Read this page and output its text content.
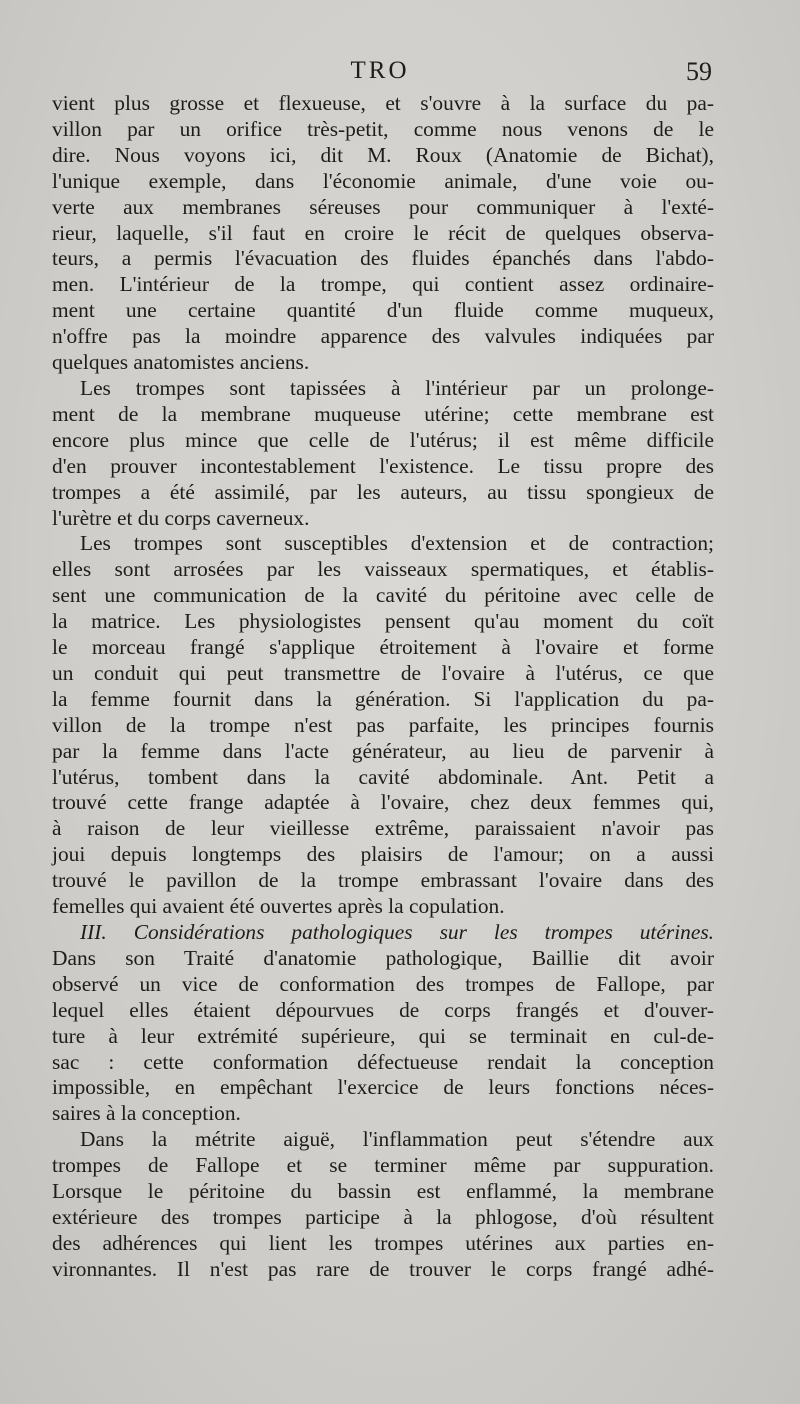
TRO	59
vient plus grosse et flexueuse, et s'ouvre à la surface du pa-
villon par un orifice très-petit, comme nous venons de le
dire. Nous voyons ici, dit M. Roux (Anatomie de Bichat),
l'unique exemple, dans l'économie animale, d'une voie ou-
verte aux membranes séreuses pour communiquer à l'exté-
rieur, laquelle, s'il faut en croire le récit de quelques observa-
teurs, a permis l'évacuation des fluides épanchés dans l'abdo-
men. L'intérieur de la trompe, qui contient assez ordinaire-
ment une certaine quantité d'un fluide comme muqueux,
n'offre pas la moindre apparence des valvules indiquées par
quelques anatomistes anciens.
Les trompes sont tapissées à l'intérieur par un prolonge-
ment de la membrane muqueuse utérine; cette membrane est
encore plus mince que celle de l'utérus; il est même difficile
d'en prouver incontestablement l'existence. Le tissu propre des
trompes a été assimilé, par les auteurs, au tissu spongieux de
l'urètre et du corps caverneux.
Les trompes sont susceptibles d'extension et de contraction;
elles sont arrosées par les vaisseaux spermatiques, et établis-
sent une communication de la cavité du péritoine avec celle de
la matrice. Les physiologistes pensent qu'au moment du coït
le morceau frangé s'applique étroitement à l'ovaire et forme
un conduit qui peut transmettre de l'ovaire à l'utérus, ce que
la femme fournit dans la génération. Si l'application du pa-
villon de la trompe n'est pas parfaite, les principes fournis
par la femme dans l'acte générateur, au lieu de parvenir à
l'utérus, tombent dans la cavité abdominale. Ant. Petit a
trouvé cette frange adaptée à l'ovaire, chez deux femmes qui,
à raison de leur vieillesse extrême, paraissaient n'avoir pas
joui depuis longtemps des plaisirs de l'amour; on a aussi
trouvé le pavillon de la trompe embrassant l'ovaire dans des
femelles qui avaient été ouvertes après la copulation.
III. Considérations pathologiques sur les trompes utérines.
Dans son Traité d'anatomie pathologique, Baillie dit avoir
observé un vice de conformation des trompes de Fallope, par
lequel elles étaient dépourvues de corps frangés et d'ouver-
ture à leur extrémité supérieure, qui se terminait en cul-de-
sac : cette conformation défectueuse rendait la conception
impossible, en empêchant l'exercice de leurs fonctions néces-
saires à la conception.
Dans la métrite aiguë, l'inflammation peut s'étendre aux
trompes de Fallope et se terminer même par suppuration.
Lorsque le péritoine du bassin est enflammé, la membrane
extérieure des trompes participe à la phlogose, d'où résultent
des adhérences qui lient les trompes utérines aux parties en-
vironnantes. Il n'est pas rare de trouver le corps frangé adhé-
